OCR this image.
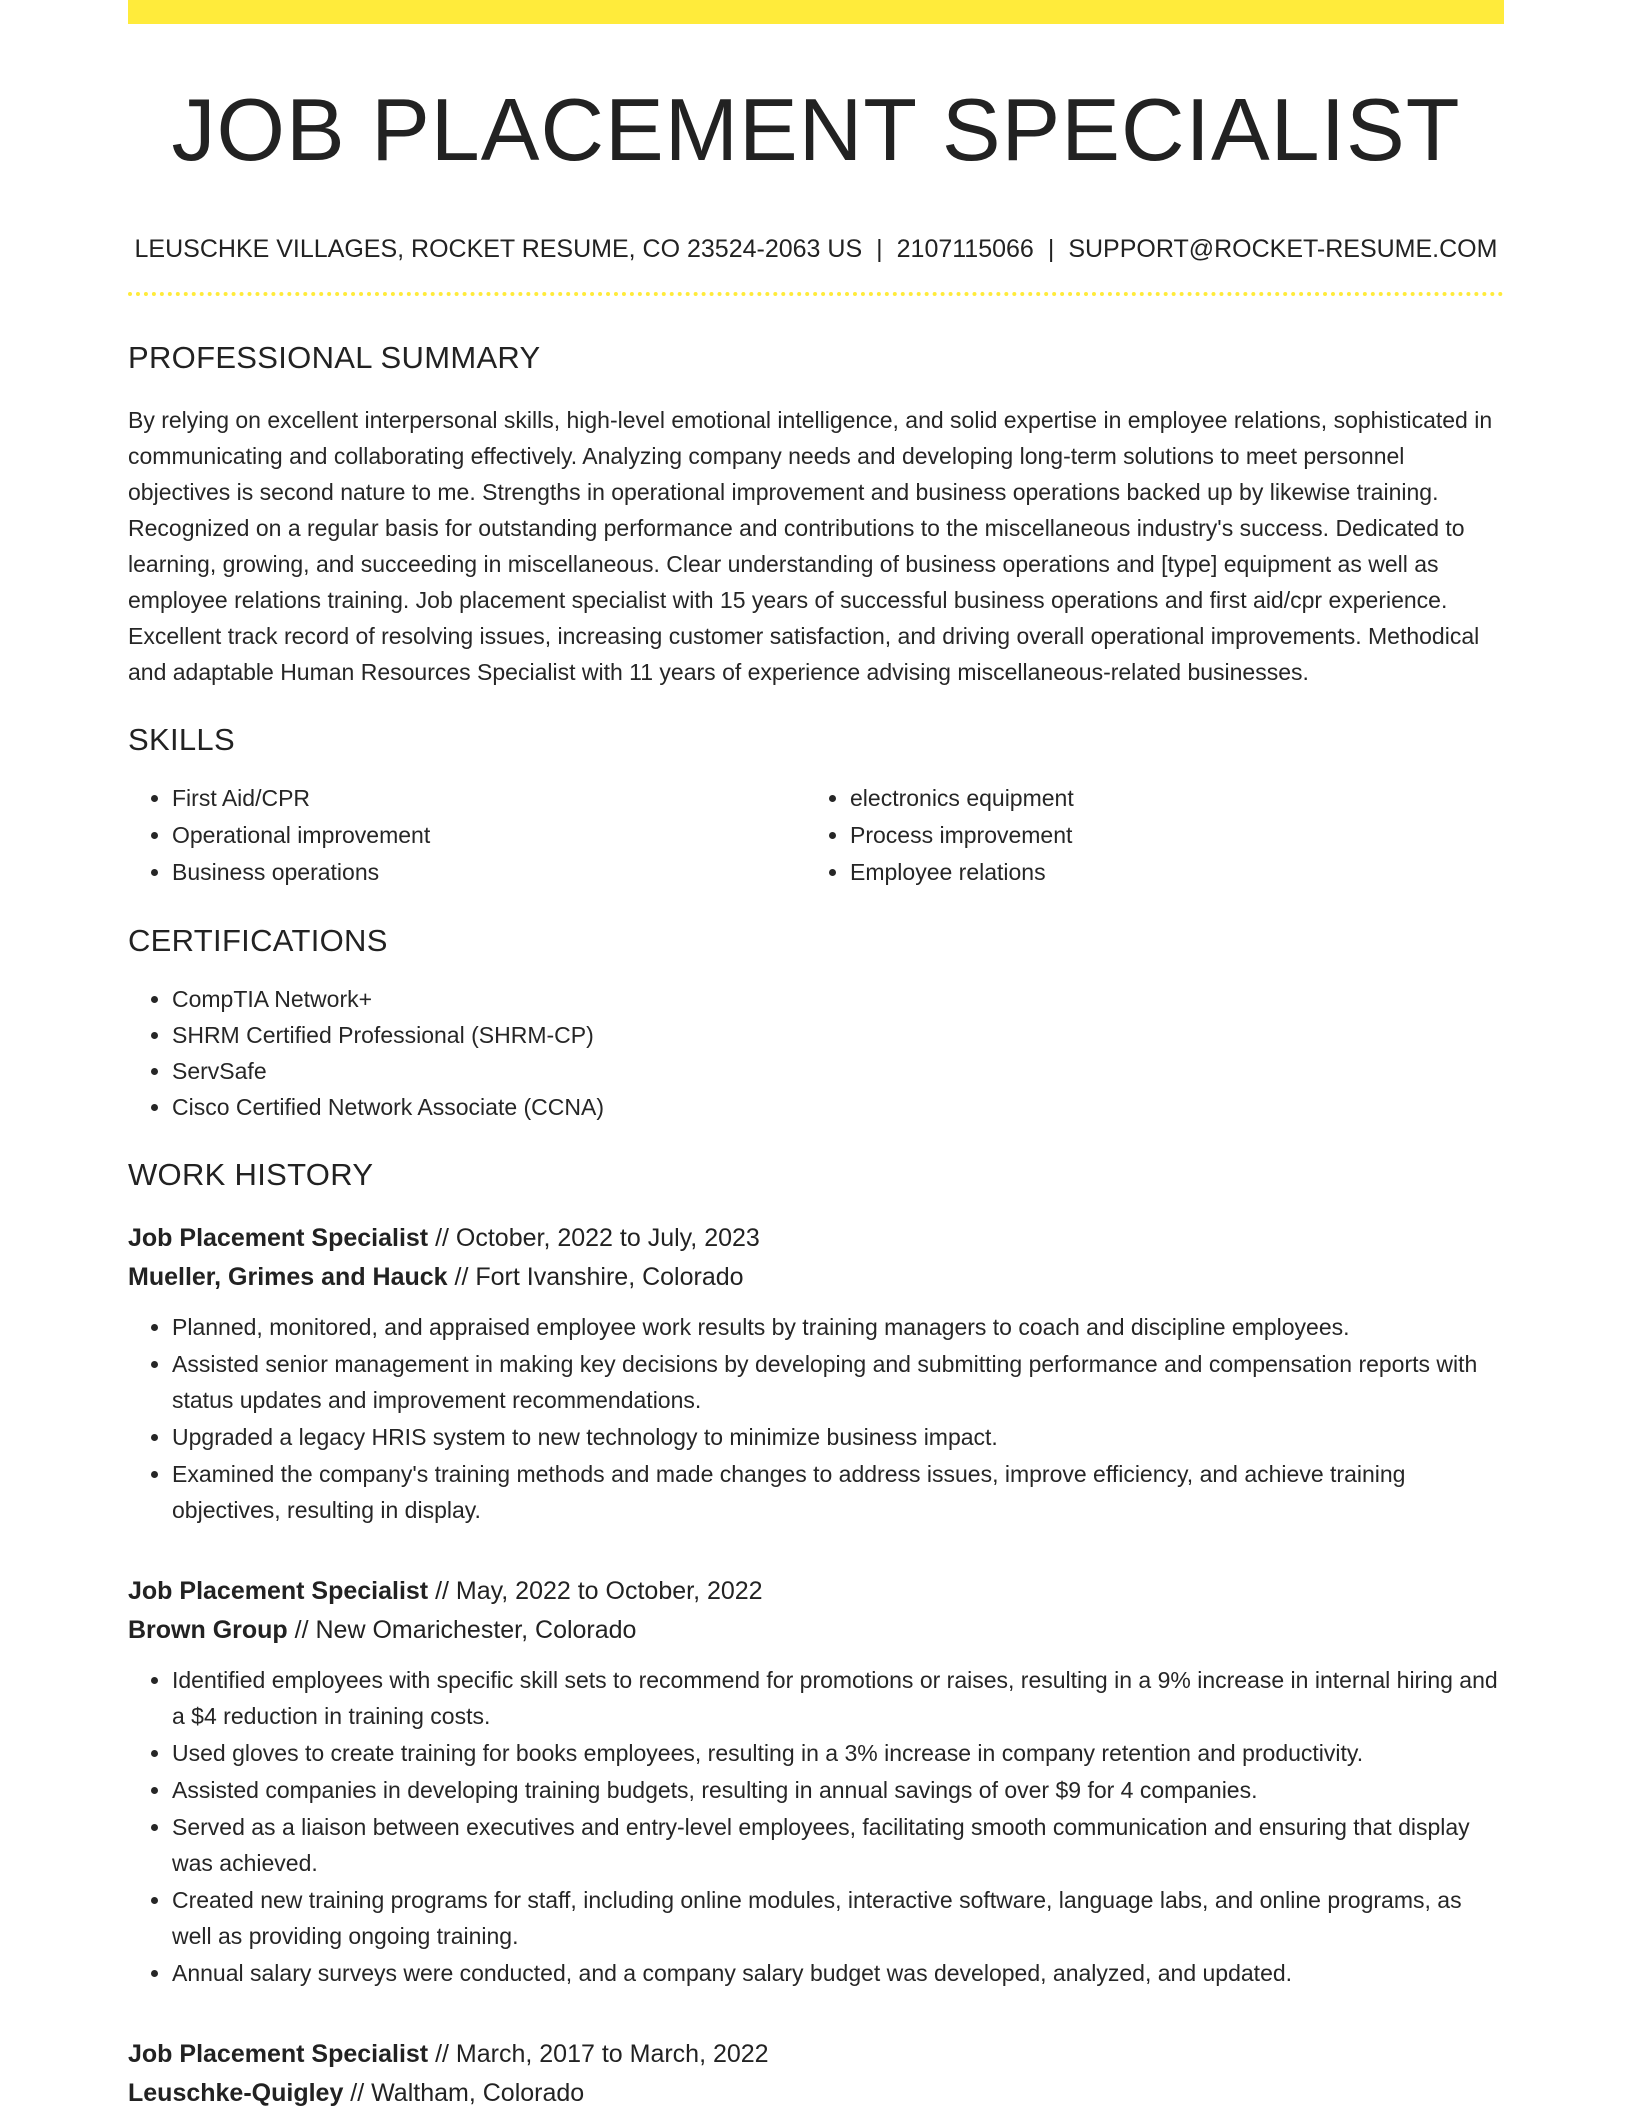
JOB PLACEMENT SPECIALIST
LEUSCHKE VILLAGES, ROCKET RESUME, CO 23524-2063 US | 2107115066 | SUPPORT@ROCKET-RESUME.COM
PROFESSIONAL SUMMARY

By relying on excellent interpersonal skills, high-level emotional intelligence, and solid expertise in employee relations, sophisticated in communicating and collaborating effectively. Analyzing company needs and developing long-term solutions to meet personnel objectives is second nature to me. Strengths in operational improvement and business operations backed up by likewise training. Recognized on a regular basis for outstanding performance and contributions to the miscellaneous industry's success. Dedicated to learning, growing, and succeeding in miscellaneous. Clear understanding of business operations and [type] equipment as well as employee relations training. Job placement specialist with 15 years of successful business operations and first aid/cpr experience. Excellent track record of resolving issues, increasing customer satisfaction, and driving overall operational improvements. Methodical and adaptable Human Resources Specialist with 11 years of experience advising miscellaneous-related businesses.

SKILLS
• First Aid/CPR
• Operational improvement
• Business operations
• electronics equipment
• Process improvement
• Employee relations
CERTIFICATIONS
• CompTIA Network+
• SHRM Certified Professional (SHRM-CP)
• ServSafe
• Cisco Certified Network Associate (CCNA)
WORK HISTORY
Job Placement Specialist // October, 2022 to July, 2023
Mueller, Grimes and Hauck // Fort Ivanshire, Colorado
• Planned, monitored, and appraised employee work results by training managers to coach and discipline employees.
• Assisted senior management in making key decisions by developing and submitting performance and compensation reports with status updates and improvement recommendations.
• Upgraded a legacy HRIS system to new technology to minimize business impact.
• Examined the company's training methods and made changes to address issues, improve efficiency, and achieve training objectives, resulting in display.
Job Placement Specialist // May, 2022 to October, 2022
Brown Group // New Omarichester, Colorado
• Identified employees with specific skill sets to recommend for promotions or raises, resulting in a 9% increase in internal hiring and a $4 reduction in training costs.
• Used gloves to create training for books employees, resulting in a 3% increase in company retention and productivity.
• Assisted companies in developing training budgets, resulting in annual savings of over $9 for 4 companies.
• Served as a liaison between executives and entry-level employees, facilitating smooth communication and ensuring that display was achieved.
• Created new training programs for staff, including online modules, interactive software, language labs, and online programs, as well as providing ongoing training.
• Annual salary surveys were conducted, and a company salary budget was developed, analyzed, and updated.
Job Placement Specialist // March, 2017 to March, 2022
Leuschke-Quigley // Waltham, Colorado
